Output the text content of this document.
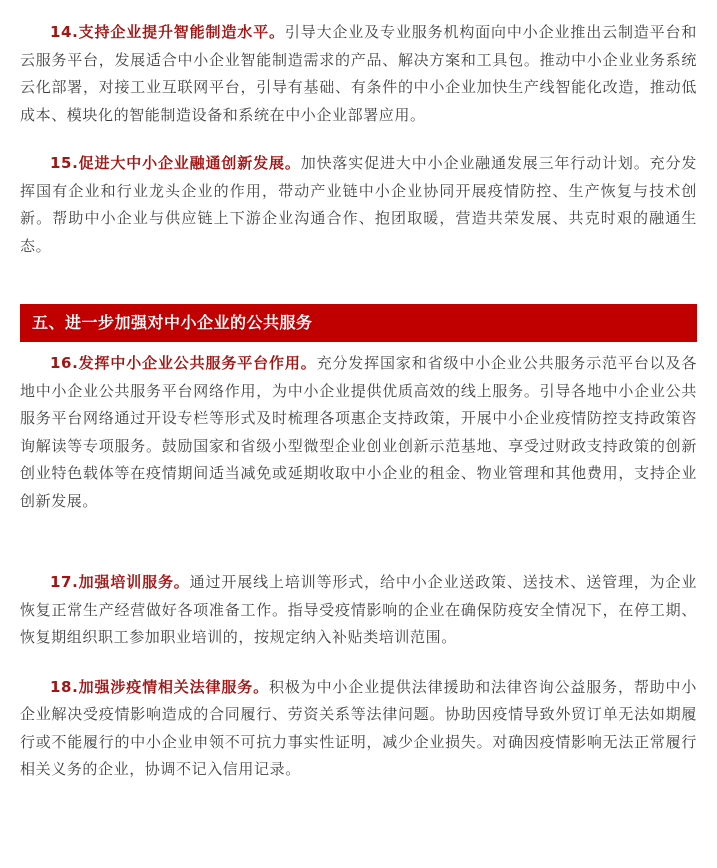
14.支持企业提升智能制造水平。引导大企业及专业服务机构面向中小企业推出云制造平台和云服务平台，发展适合中小企业智能制造需求的产品、解决方案和工具包。推动中小企业业务系统云化部署，对接工业互联网平台，引导有基础、有条件的中小企业加快生产线智能化改造，推动低成本、模块化的智能制造设备和系统在中小企业部署应用。

15.促进大中小企业融通创新发展。加快落实促进大中小企业融通发展三年行动计划。充分发挥国有企业和行业龙头企业的作用，带动产业链中小企业协同开展疫情防控、生产恢复与技术创新。帮助中小企业与供应链上下游企业沟通合作、抱团取暖，营造共荣发展、共克时艰的融通生态。

五、进一步加强对中小企业的公共服务

16.发挥中小企业公共服务平台作用。充分发挥国家和省级中小企业公共服务示范平台以及各地中小企业公共服务平台网络作用，为中小企业提供优质高效的线上服务。引导各地中小企业公共服务平台网络通过开设专栏等形式及时梳理各项惠企支持政策，开展中小企业疫情防控支持政策咨询解读等专项服务。鼓励国家和省级小型微型企业创业创新示范基地、享受过财政支持政策的创新创业特色载体等在疫情期间适当减免或延期收取中小企业的租金、物业管理和其他费用，支持企业创新发展。

17.加强培训服务。通过开展线上培训等形式，给中小企业送政策、送技术、送管理，为企业恢复正常生产经营做好各项准备工作。指导受疫情影响的企业在确保防疫安全情况下，在停工期、恢复期组织职工参加职业培训的，按规定纳入补贴类培训范围。

18.加强涉疫情相关法律服务。积极为中小企业提供法律援助和法律咨询公益服务，帮助中小企业解决受疫情影响造成的合同履行、劳资关系等法律问题。协助因疫情导致外贸订单无法如期履行或不能履行的中小企业申领不可抗力事实性证明，减少企业损失。对确因疫情影响无法正常履行相关义务的企业，协调不记入信用记录。
